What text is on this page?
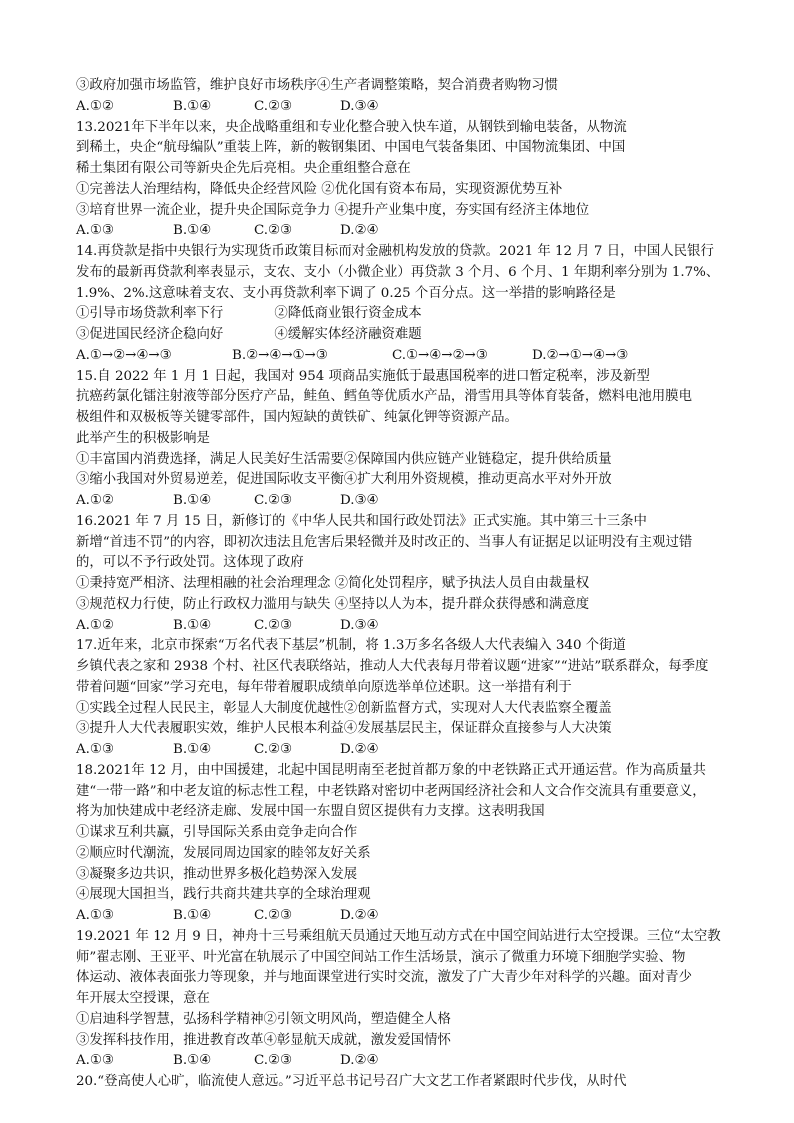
③政府加强市场监管，维护良好市场秩序④生产者调整策略，契合消费者购物习惯
A.①②	B.①④	C.②③	D.③④
13.2021年下半年以来，央企战略重组和专业化整合驶入快车道，从钢铁到输电装备，从物流
到稀土，央企“航母编队”重装上阵，新的鞍钢集团、中国电气装备集团、中国物流集团、中国
稀土集团有限公司等新央企先后亮相。央企重组整合意在
①完善法人治理结构，降低央企经营风险 ②优化国有资本布局，实现资源优势互补
③培育世界一流企业，提升央企国际竞争力 ④提升产业集中度，夯实国有经济主体地位
A.①③	B.①④	C.②③	D.②④
14.再贷款是指中央银行为实现货币政策目标而对金融机构发放的贷款。2021 年 12 月 7 日，中国人民银行
发布的最新再贷款利率表显示，支农、支小（小微企业）再贷款 3 个月、6 个月、1 年期利率分别为 1.7%、
1.9%、2%.这意味着支农、支小再贷款利率下调了 0.25 个百分点。这一举措的影响路径是
①引导市场贷款利率下行            ②降低商业银行资金成本
③促进国民经济企稳向好            ④缓解实体经济融资难题
A.①→②→④→③	B.②→④→①→③	C.①→④→②→③	D.②→①→④→③
15.自 2022 年 1 月 1 日起，我国对 954 项商品实施低于最惠国税率的进口暂定税率，涉及新型
抗癌药氯化镭注射液等部分医疗产品，鲑鱼、鳕鱼等优质水产品，滑雪用具等体育装备，燃料电池用膜电
极组件和双极板等关键零部件，国内短缺的黄铁矿、纯氯化钾等资源产品。
此举产生的积极影响是
①丰富国内消费选择，满足人民美好生活需要②保障国内供应链产业链稳定，提升供给质量
③缩小我国对外贸易逆差，促进国际收支平衡④扩大利用外资规模，推动更高水平对外开放
A.①②	B.①④	C.②③	D.③④
16.2021 年 7 月 15 日，新修订的《中华人民共和国行政处罚法》正式实施。其中第三十三条中
新增“首违不罚”的内容，即初次违法且危害后果轻微并及时改正的、当事人有证据足以证明没有主观过错
的，可以不予行政处罚。这体现了政府
①秉持宽严相济、法理相融的社会治理理念 ②简化处罚程序，赋予执法人员自由裁量权
③规范权力行使，防止行政权力滥用与缺失 ④坚持以人为本，提升群众获得感和满意度
A.①②	B.①④	C.②③	D.③④
17.近年来，北京市探索“万名代表下基层”机制，将 1.3万多名各级人大代表编入 340 个街道
乡镇代表之家和 2938 个村、社区代表联络站，推动人大代表每月带着议题“进家”“进站”联系群众，每季度
带着问题“回家”学习充电，每年带着履职成绩单向原选举单位述职。这一举措有利于
①实践全过程人民民主，彰显人大制度优越性②创新监督方式，实现对人大代表监察全覆盖
③提升人大代表履职实效，维护人民根本利益④发展基层民主，保证群众直接参与人大决策
A.①③	B.①④	C.②③	D.②④
18.2021年 12 月，由中国援建，北起中国昆明南至老挝首都万象的中老铁路正式开通运营。作为高质量共
建“一带一路”和中老友谊的标志性工程，中老铁路对密切中老两国经济社会和人文合作交流具有重要意义，
将为加快建成中老经济走廊、发展中国一东盟自贸区提供有力支撑。这表明我国
①谋求互利共赢，引导国际关系由竞争走向合作
②顺应时代潮流，发展同周边国家的睦邻友好关系
③凝聚多边共识，推动世界多极化趋势深入发展
④展现大国担当，践行共商共建共享的全球治理观
A.①③	B.①④	C.②③	D.②④
19.2021 年 12 月 9 日，神舟十三号乘组航天员通过天地互动方式在中国空间站进行太空授课。三位“太空教
师”翟志刚、王亚平、叶光富在轨展示了中国空间站工作生活场景，演示了微重力环境下细胞学实验、物
体运动、液体表面张力等现象，并与地面课堂进行实时交流，激发了广大青少年对科学的兴趣。面对青少
年开展太空授课，意在
①启迪科学智慧，弘扬科学精神②引领文明风尚，塑造健全人格
③发挥科技作用，推进教育改革④彰显航天成就，激发爱国情怀
A.①③	B.①④	C.②③	D.②④
20.“登高使人心旷，临流使人意远。”习近平总书记号召广大文艺工作者紧跟时代步伐，从时代
